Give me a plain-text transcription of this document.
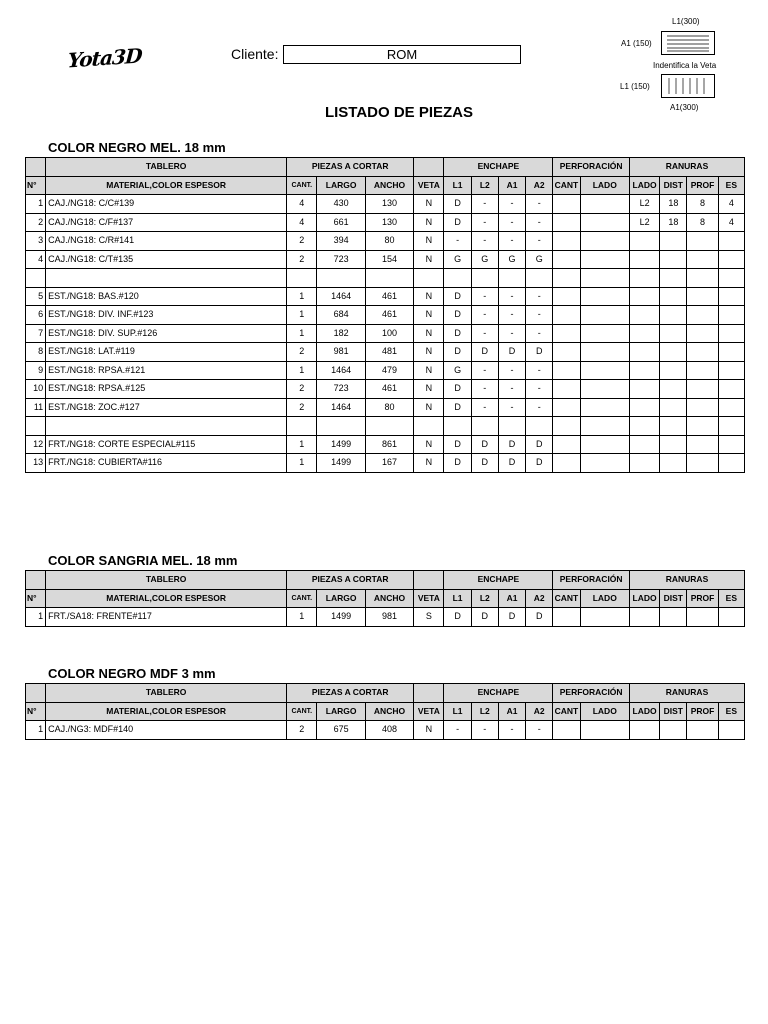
Yota3D	Cliente:	ROM
LISTADO DE PIEZAS
L1(300)
A1 (150)
Indentifica la Veta
L1 (150)
A1(300)
COLOR NEGRO MEL. 18 mm
COLOR SANGRIA MEL. 18 mm
COLOR NEGRO MDF 3 mm
	TABLERO	PIEZAS A CORTAR				ENCHAPE				PERFORACIÓN		RANURAS			
N°	MATERIAL,COLOR ESPESOR	CANT.	LARGO	ANCHO	VETA	L1	L2	A1	A2	CANT	LADO	LADO	DIST	PROF	ES
1	CAJ./NG18: C/C#139	4	430	130	N	D	-	-	-			L2	18	8	4
2	CAJ./NG18: C/F#137	4	661	130	N	D	-	-	-			L2	18	8	4
3	CAJ./NG18: C/R#141	2	394	80	N	-	-	-	-						
4	CAJ./NG18: C/T#135	2	723	154	N	G	G	G	G						

5	EST./NG18: BAS.#120	1	1464	461	N	D	-	-	-						
6	EST./NG18: DIV. INF.#123	1	684	461	N	D	-	-	-						
7	EST./NG18: DIV. SUP.#126	1	182	100	N	D	-	-	-						
8	EST./NG18: LAT.#119	2	981	481	N	D	D	D	D						
9	EST./NG18: RPSA.#121	1	1464	479	N	G	-	-	-						
10	EST./NG18: RPSA.#125	2	723	461	N	D	-	-	-						
11	EST./NG18: ZOC.#127	2	1464	80	N	D	-	-	-						

12	FRT./NG18: CORTE ESPECIAL#115	1	1499	861	N	D	D	D	D						
13	FRT./NG18: CUBIERTA#116	1	1499	167	N	D	D	D	D						
	TABLERO	PIEZAS A CORTAR				ENCHAPE				PERFORACIÓN		RANURAS			
N°	MATERIAL,COLOR ESPESOR	CANT.	LARGO	ANCHO	VETA	L1	L2	A1	A2	CANT	LADO	LADO	DIST	PROF	ES
1	FRT./SA18: FRENTE#117	1	1499	981	S	D	D	D	D						
	TABLERO	PIEZAS A CORTAR				ENCHAPE				PERFORACIÓN		RANURAS			
N°	MATERIAL,COLOR ESPESOR	CANT.	LARGO	ANCHO	VETA	L1	L2	A1	A2	CANT	LADO	LADO	DIST	PROF	ES
1	CAJ./NG3: MDF#140	2	675	408	N	-	-	-	-						
